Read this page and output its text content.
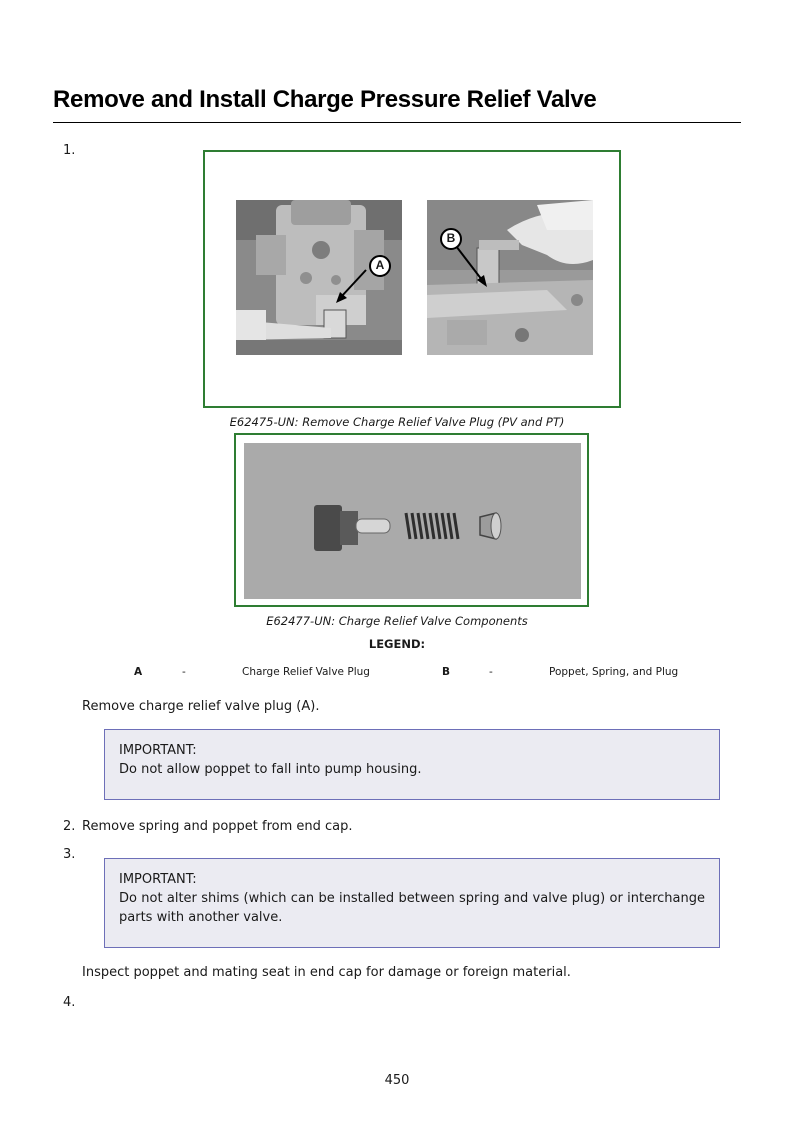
Remove and Install Charge Pressure Relief Valve
1.
A
B
E62475-UN: Remove Charge Relief Valve Plug (PV and PT)
E62477-UN: Charge Relief Valve Components
LEGEND:
A	-	Charge Relief Valve Plug	B	-	Poppet, Spring, and Plug
Remove charge relief valve plug (A).
IMPORTANT:
Do not allow poppet to fall into pump housing.
2. Remove spring and poppet from end cap.
3.
IMPORTANT:
Do not alter shims (which can be installed between spring and valve plug) or interchange parts with another valve.
Inspect poppet and mating seat in end cap for damage or foreign material.
4.
450
